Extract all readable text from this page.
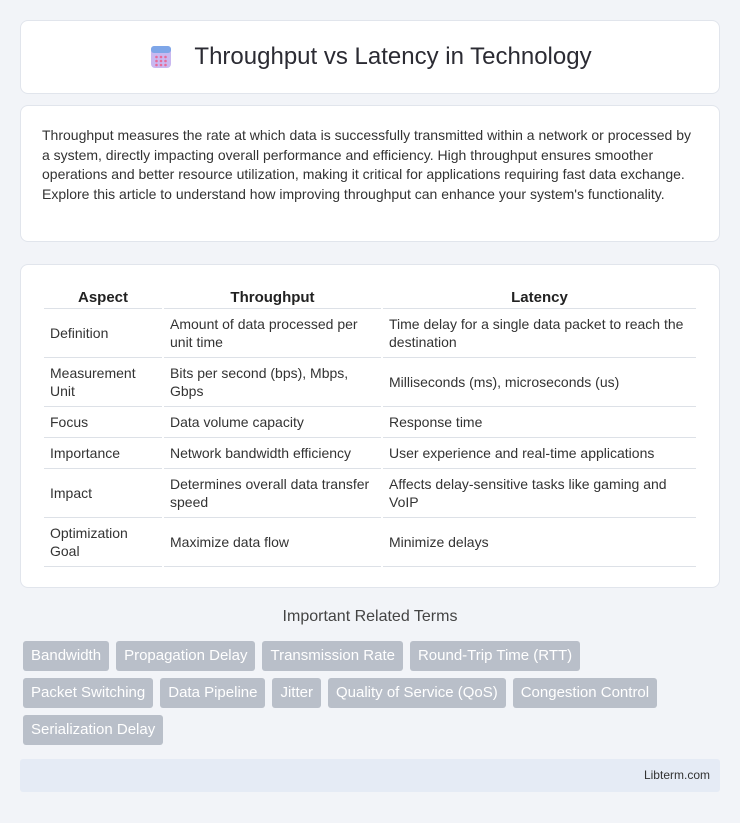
Throughput vs Latency in Technology

Throughput measures the rate at which data is successfully transmitted within a network or processed by a system, directly impacting overall performance and efficiency. High throughput ensures smoother operations and better resource utilization, making it critical for applications requiring fast data exchange. Explore this article to understand how improving throughput can enhance your system's functionality.

Aspect	Throughput	Latency
Definition	Amount of data processed per unit time	Time delay for a single data packet to reach the destination
Measurement Unit	Bits per second (bps), Mbps, Gbps	Milliseconds (ms), microseconds (us)
Focus	Data volume capacity	Response time
Importance	Network bandwidth efficiency	User experience and real-time applications
Impact	Determines overall data transfer speed	Affects delay-sensitive tasks like gaming and VoIP
Optimization Goal	Maximize data flow	Minimize delays
Important Related Terms
Bandwidth	Propagation Delay	Transmission Rate	Round-Trip Time (RTT)
Packet Switching	Data Pipeline	Jitter	Quality of Service (QoS)	Congestion Control
Serialization Delay
Libterm.com
